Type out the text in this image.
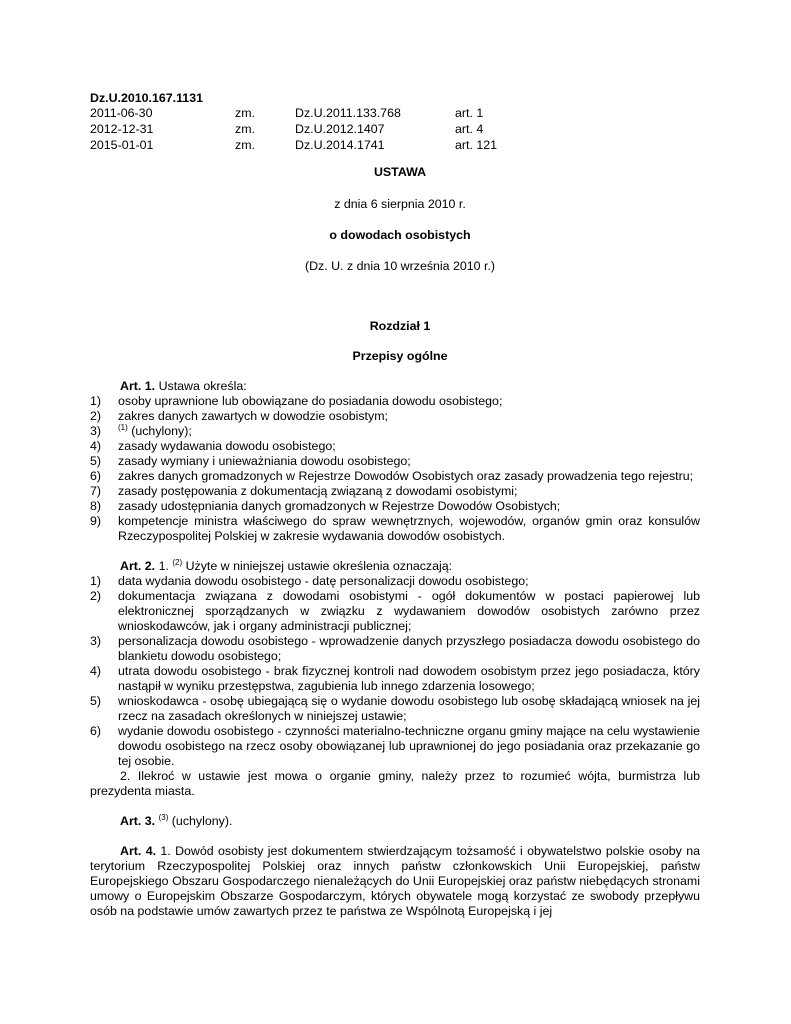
Dz.U.2010.167.1131
2011-06-30	zm.	Dz.U.2011.133.768	art. 1
2012-12-31	zm.	Dz.U.2012.1407	art. 4
2015-01-01	zm.	Dz.U.2014.1741	art. 121
USTAWA
z dnia 6 sierpnia 2010 r.
o dowodach osobistych
(Dz. U. z dnia 10 września 2010 r.)
Rozdział 1
Przepisy ogólne
Art. 1. Ustawa określa:
1) osoby uprawnione lub obowiązane do posiadania dowodu osobistego;
2) zakres danych zawartych w dowodzie osobistym;
3) $^{(1)}$ (uchylony);
4) zasady wydawania dowodu osobistego;
5) zasady wymiany i unieważniania dowodu osobistego;
6) zakres danych gromadzonych w Rejestrze Dowodów Osobistych oraz zasady prowadzenia tego rejestru;
7) zasady postępowania z dokumentacją związaną z dowodami osobistymi;
8) zasady udostępniania danych gromadzonych w Rejestrze Dowodów Osobistych;
9) kompetencje ministra właściwego do spraw wewnętrznych, wojewodów, organów gmin oraz konsulów Rzeczypospolitej Polskiej w zakresie wydawania dowodów osobistych.
Art. 2. 1. $^{(2)}$ Użyte w niniejszej ustawie określenia oznaczają:
1) data wydania dowodu osobistego - datę personalizacji dowodu osobistego;
2) dokumentacja związana z dowodami osobistymi - ogół dokumentów w postaci papierowej lub elektronicznej sporządzanych w związku z wydawaniem dowodów osobistych zarówno przez wnioskodawców, jak i organy administracji publicznej;
3) personalizacja dowodu osobistego - wprowadzenie danych przyszłego posiadacza dowodu osobistego do blankietu dowodu osobistego;
4) utrata dowodu osobistego - brak fizycznej kontroli nad dowodem osobistym przez jego posiadacza, który nastąpił w wyniku przestępstwa, zagubienia lub innego zdarzenia losowego;
5) wnioskodawca - osobę ubiegającą się o wydanie dowodu osobistego lub osobę składającą wniosek na jej rzecz na zasadach określonych w niniejszej ustawie;
6) wydanie dowodu osobistego - czynności materialno-techniczne organu gminy mające na celu wystawienie dowodu osobistego na rzecz osoby obowiązanej lub uprawnionej do jego posiadania oraz przekazanie go tej osobie.
2. Ilekroć w ustawie jest mowa o organie gminy, należy przez to rozumieć wójta, burmistrza lub prezydenta miasta.
Art. 3. $^{(3)}$ (uchylony).
Art. 4. 1. Dowód osobisty jest dokumentem stwierdzającym tożsamość i obywatelstwo polskie osoby na terytorium Rzeczypospolitej Polskiej oraz innych państw członkowskich Unii Europejskiej, państw Europejskiego Obszaru Gospodarczego nienależących do Unii Europejskiej oraz państw niebędących stronami umowy o Europejskim Obszarze Gospodarczym, których obywatele mogą korzystać ze swobody przepływu osób na podstawie umów zawartych przez te państwa ze Wspólnotą Europejską i jej
